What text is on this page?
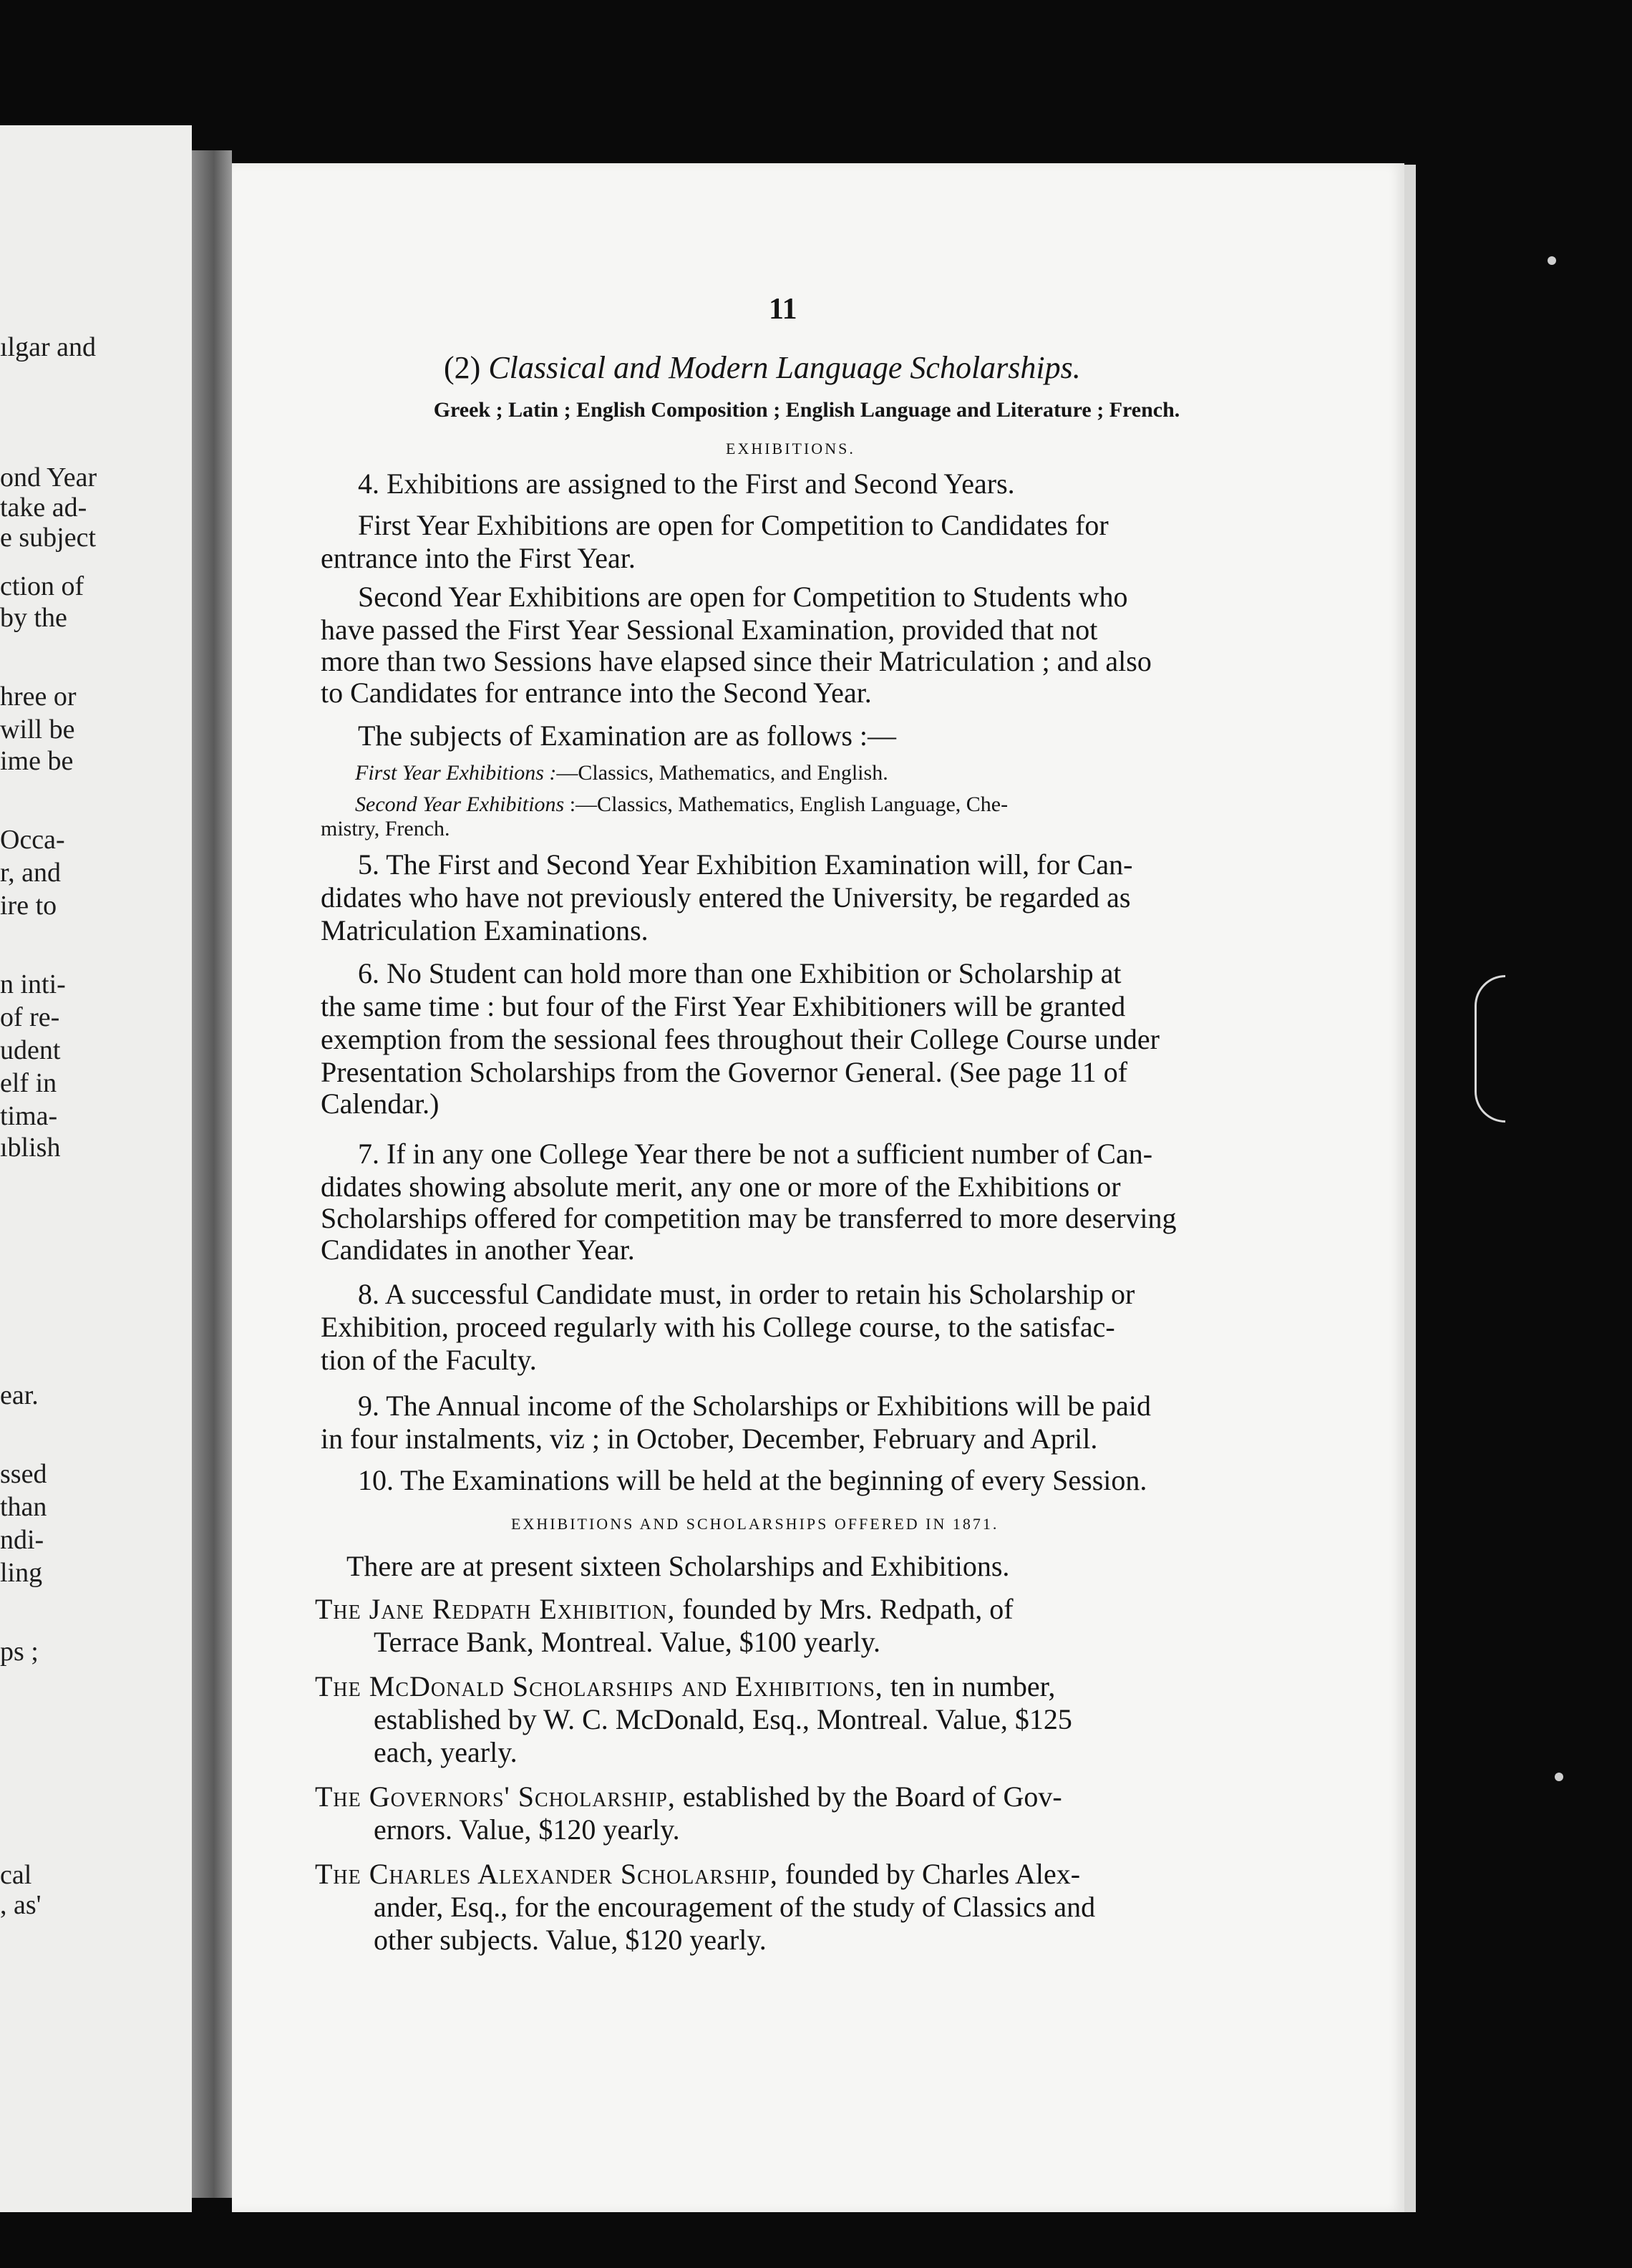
ılgar and
ond Year
take ad-
e subject
ction of
by the
hree or
will be
ime be
Occa-
r, and
ire to
n inti-
of re-
udent
elf in
tima-
ıblish
ear.
ssed
than
ndi-
ling
ps ;
cal
, as'
11
(2) Classical and Modern Language Scholarships.
Greek ; Latin ; English Composition ; English Language and Literature ; French.
EXHIBITIONS.
4. Exhibitions are assigned to the First and Second Years.
First Year Exhibitions are open for Competition to Candidates for
entrance into the First Year.
Second Year Exhibitions are open for Competition to Students who
have passed the First Year Sessional Examination, provided that not
more than two Sessions have elapsed since their Matriculation ; and also
to Candidates for entrance into the Second Year.
The subjects of Examination are as follows :—
First Year Exhibitions :—Classics, Mathematics, and English.
Second Year Exhibitions :—Classics, Mathematics, English Language, Che-
mistry, French.
5. The First and Second Year Exhibition Examination will, for Can-
didates who have not previously entered the University, be regarded as
Matriculation Examinations.
6. No Student can hold more than one Exhibition or Scholarship at
the same time : but four of the First Year Exhibitioners will be granted
exemption from the sessional fees throughout their College Course under
Presentation Scholarships from the Governor General. (See page 11 of
Calendar.)
7. If in any one College Year there be not a sufficient number of Can-
didates showing absolute merit, any one or more of the Exhibitions or
Scholarships offered for competition may be transferred to more deserving
Candidates in another Year.
8. A successful Candidate must, in order to retain his Scholarship or
Exhibition, proceed regularly with his College course, to the satisfac-
tion of the Faculty.
9. The Annual income of the Scholarships or Exhibitions will be paid
in four instalments, viz ; in October, December, February and April.
10. The Examinations will be held at the beginning of every Session.
EXHIBITIONS AND SCHOLARSHIPS OFFERED IN 1871.
There are at present sixteen Scholarships and Exhibitions.
The Jane Redpath Exhibition, founded by Mrs. Redpath, of
Terrace Bank, Montreal. Value, $100 yearly.
The McDonald Scholarships and Exhibitions, ten in number,
established by W. C. McDonald, Esq., Montreal. Value, $125
each, yearly.
The Governors' Scholarship, established by the Board of Gov-
ernors. Value, $120 yearly.
The Charles Alexander Scholarship, founded by Charles Alex-
ander, Esq., for the encouragement of the study of Classics and
other subjects. Value, $120 yearly.
